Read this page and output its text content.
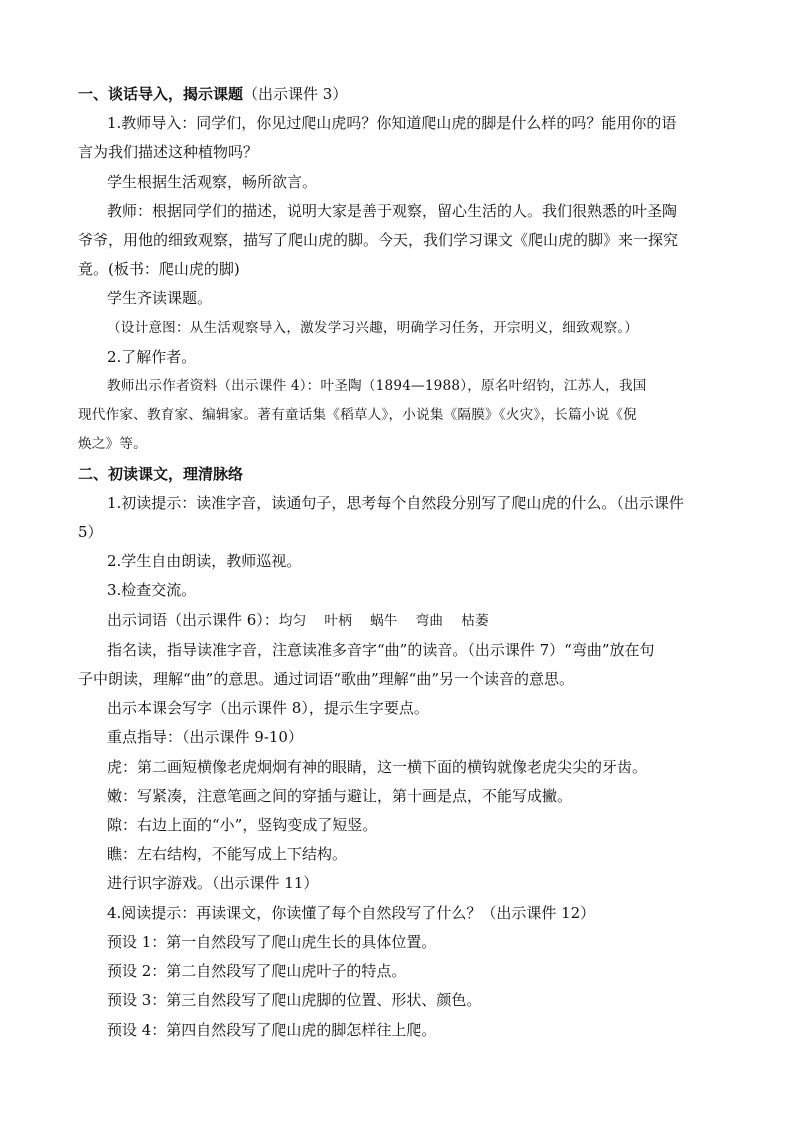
一、谈话导入，揭示课题（出示课件 3）
1.教师导入：同学们，你见过爬山虎吗？你知道爬山虎的脚是什么样的吗？能用你的语
言为我们描述这种植物吗？
学生根据生活观察，畅所欲言。
教师：根据同学们的描述，说明大家是善于观察，留心生活的人。我们很熟悉的叶圣陶
爷爷，用他的细致观察，描写了爬山虎的脚。今天，我们学习课文《爬山虎的脚》来一探究
竟。(板书：爬山虎的脚)
学生齐读课题。
（设计意图：从生活观察导入，激发学习兴趣，明确学习任务，开宗明义，细致观察。）
2.了解作者。
教师出示作者资料（出示课件 4）：叶圣陶（1894—1988），原名叶绍钧，江苏人，我国
现代作家、教育家、编辑家。著有童话集《稻草人》，小说集《隔膜》《火灾》，长篇小说《倪
焕之》等。
二、初读课文，理清脉络
1.初读提示：读准字音，读通句子，思考每个自然段分别写了爬山虎的什么。（出示课件
5）
2.学生自由朗读，教师巡视。
3.检查交流。
出示词语（出示课件 6）：均匀 叶柄 蜗牛 弯曲 枯萎
指名读，指导读准字音，注意读准多音字“曲”的读音。（出示课件 7）“弯曲”放在句
子中朗读，理解“曲”的意思。通过词语“歌曲”理解“曲”另一个读音的意思。
出示本课会写字（出示课件 8），提示生字要点。
重点指导：（出示课件 9-10）
虎：第二画短横像老虎炯炯有神的眼睛，这一横下面的横钩就像老虎尖尖的牙齿。
嫩：写紧凑，注意笔画之间的穿插与避让，第十画是点，不能写成撇。
隙：右边上面的“小”，竖钩变成了短竖。
瞧：左右结构，不能写成上下结构。
进行识字游戏。（出示课件 11）
4.阅读提示：再读课文，你读懂了每个自然段写了什么？（出示课件 12）
预设 1：第一自然段写了爬山虎生长的具体位置。
预设 2：第二自然段写了爬山虎叶子的特点。
预设 3：第三自然段写了爬山虎脚的位置、形状、颜色。
预设 4：第四自然段写了爬山虎的脚怎样往上爬。
